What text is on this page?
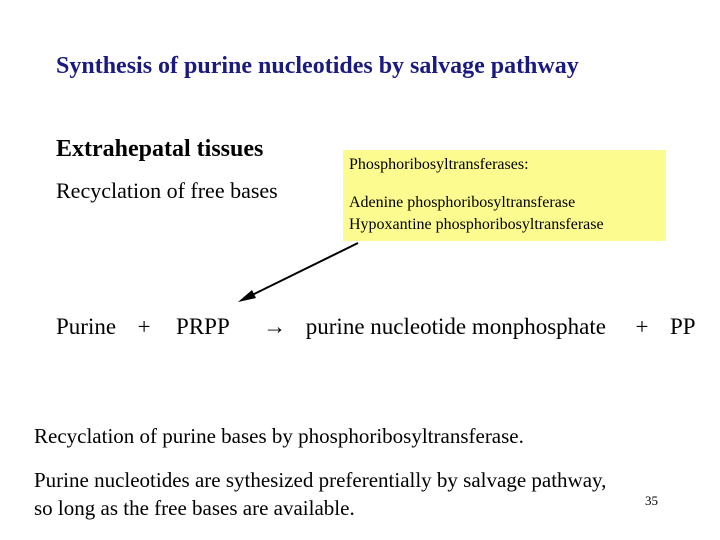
Synthesis of purine nucleotides by salvage pathway
Extrahepatal tissues
Recyclation of free bases
Phosphoribosyltransferases:
Adenine phosphoribosyltransferase
Hypoxantine phosphoribosyltransferase
Purine + PRPP → purine nucleotide monphosphate + PP
Recyclation of purine bases by phosphoribosyltransferase.
Purine nucleotides are sythesized preferentially by salvage pathway, so long as the free bases are available.	35
